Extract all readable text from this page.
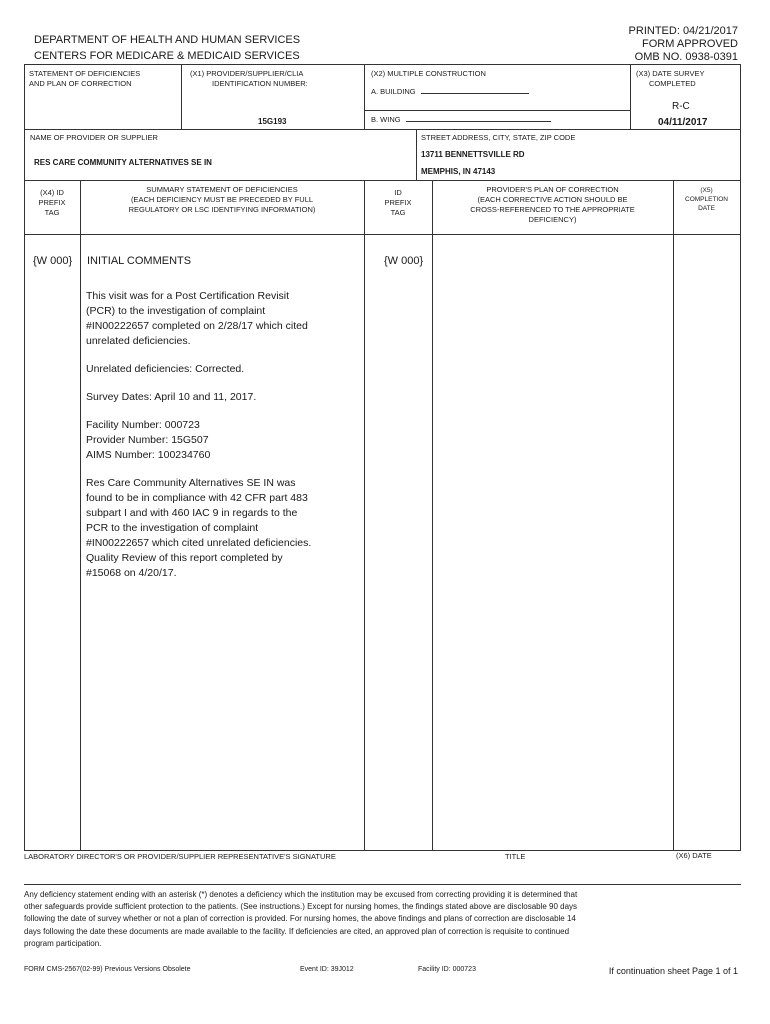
DEPARTMENT OF HEALTH AND HUMAN SERVICES
CENTERS FOR MEDICARE & MEDICAID SERVICES
PRINTED: 04/21/2017
FORM APPROVED
OMB NO. 0938-0391
STATEMENT OF DEFICIENCIES
AND PLAN OF CORRECTION
(X1) PROVIDER/SUPPLIER/CLIA
IDENTIFICATION NUMBER:
15G193
(X2) MULTIPLE CONSTRUCTION
A. BUILDING
B. WING
(X3) DATE SURVEY
COMPLETED
R-C
04/11/2017
NAME OF PROVIDER OR SUPPLIER
RES CARE COMMUNITY ALTERNATIVES SE IN
STREET ADDRESS, CITY, STATE, ZIP CODE
13711 BENNETTSVILLE RD
MEMPHIS, IN 47143
(X4) ID
PREFIX
TAG
SUMMARY STATEMENT OF DEFICIENCIES
(EACH DEFICIENCY MUST BE PRECEDED BY FULL
REGULATORY OR LSC IDENTIFYING INFORMATION)
ID
PREFIX
TAG
PROVIDER'S PLAN OF CORRECTION
(EACH CORRECTIVE ACTION SHOULD BE
CROSS-REFERENCED TO THE APPROPRIATE
DEFICIENCY)
(X5)
COMPLETION
DATE
{W 000} INITIAL COMMENTS	{W 000}
This visit was for a Post Certification Revisit
(PCR) to the investigation of complaint
#IN00222657 completed on 2/28/17 which cited
unrelated deficiencies.
Unrelated deficiencies: Corrected.
Survey Dates: April 10 and 11, 2017.
Facility Number: 000723
Provider Number: 15G507
AIMS Number: 100234760
Res Care Community Alternatives SE IN was
found to be in compliance with 42 CFR part 483
subpart I and with 460 IAC 9 in regards to the
PCR to the investigation of complaint
#IN00222657 which cited unrelated deficiencies.
Quality Review of this report completed by
#15068 on 4/20/17.
LABORATORY DIRECTOR'S OR PROVIDER/SUPPLIER REPRESENTATIVE'S SIGNATURE	TITLE	(X6) DATE
Any deficiency statement ending with an asterisk (*) denotes a deficiency which the institution may be excused from correcting providing it is determined that
other safeguards provide sufficient protection to the patients. (See instructions.) Except for nursing homes, the findings stated above are disclosable 90 days
following the date of survey whether or not a plan of correction is provided. For nursing homes, the above findings and plans of correction are disclosable 14
days following the date these documents are made available to the facility. If deficiencies are cited, an approved plan of correction is requisite to continued
program participation.
FORM CMS-2567(02-99) Previous Versions Obsolete	Event ID: 39J012	Facility ID: 000723	If continuation sheet Page 1 of 1
